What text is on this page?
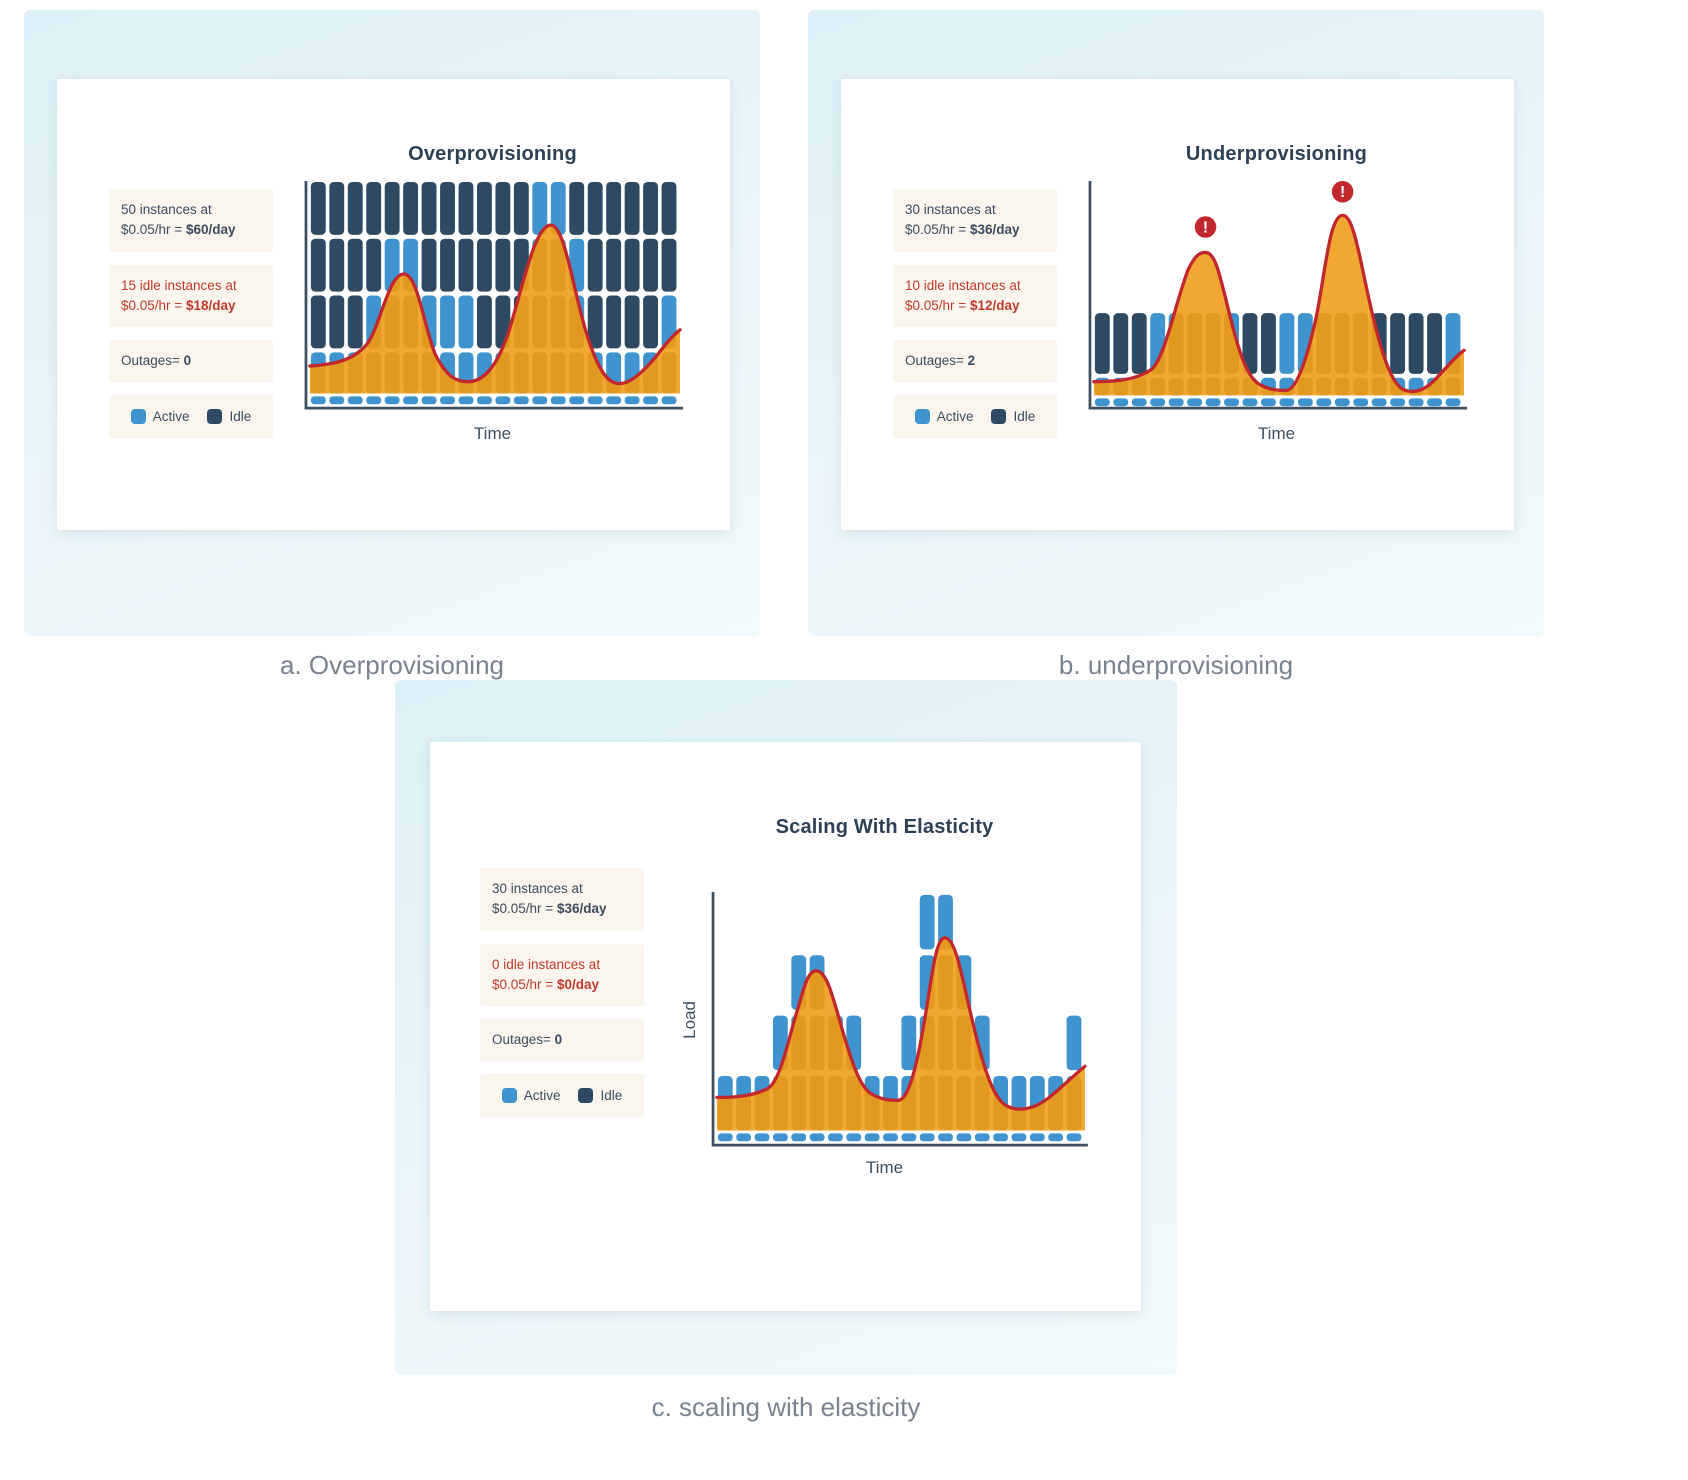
50 instances at
$0.05/hr = $60/day
15 idle instances at
$0.05/hr = $18/day
Outages= 0
Active	Idle
Overprovisioning
Time
30 instances at
$0.05/hr = $36/day
10 idle instances at
$0.05/hr = $12/day
Outages= 2
Active	Idle
Underprovisioning
!
!
Time
a. Overprovisioning	b. underprovisioning
30 instances at
$0.05/hr = $36/day
0 idle instances at
$0.05/hr = $0/day
Outages= 0
Active	Idle
Scaling With Elasticity
Load
Time
c. scaling with elasticity
